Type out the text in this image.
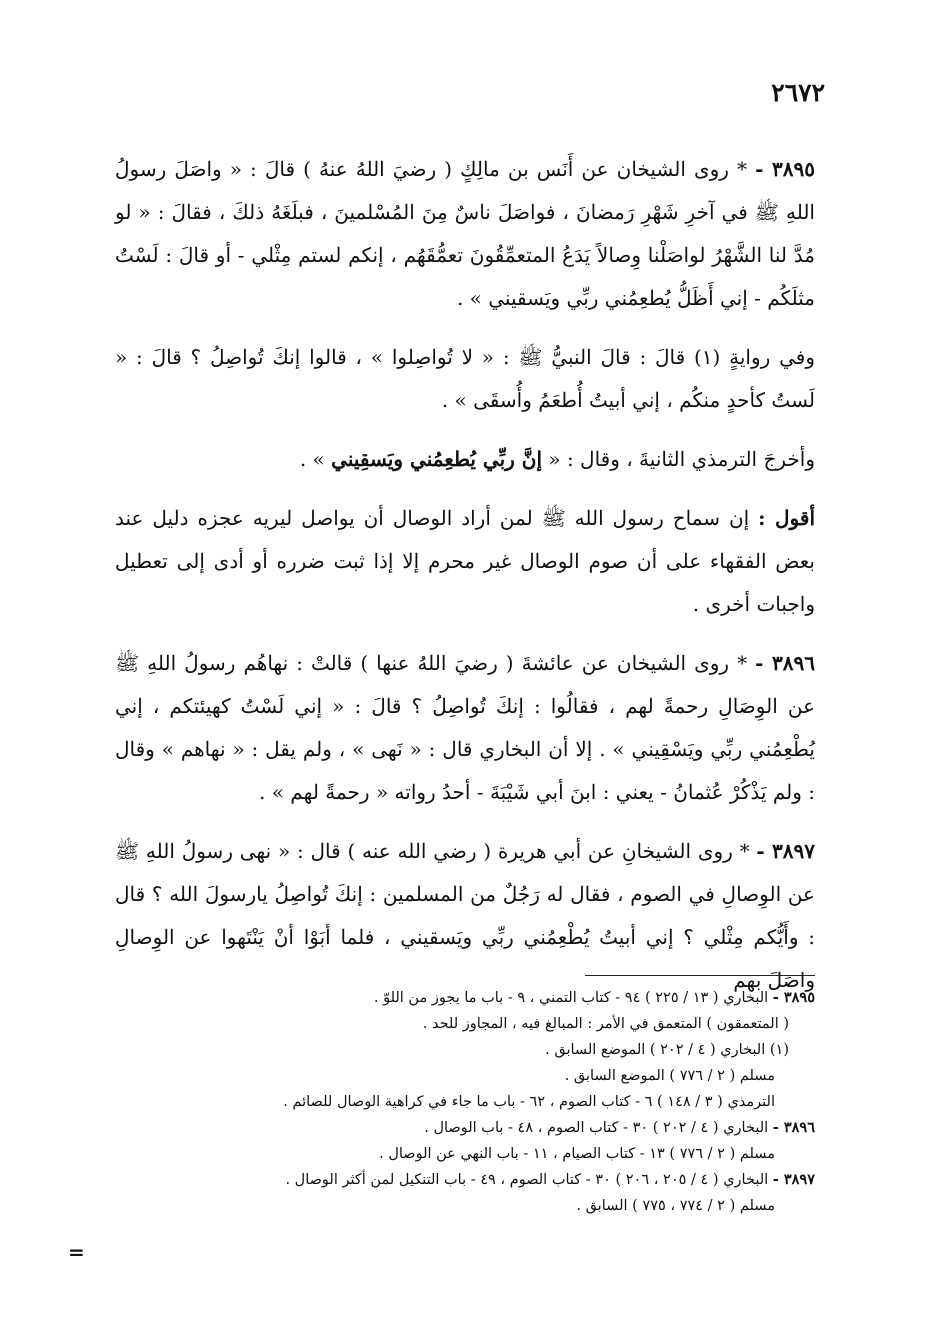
٢٦٧٢

٣٨٩٥ - * روى الشيخان عن أَنَس بن مالِكٍ ( رضيَ اللهُ عنهُ ) قالَ : « واصَلَ رسولُ اللهِ ﷺ في آخرِ شَهْرِ رَمضانَ ، فواصَلَ ناسٌ مِنَ المُسْلمينَ ، فبلَغَهُ ذلكَ ، فقالَ : « لو مُدَّ لنا الشَّهْرُ لواصَلْنا وِصالاً يَدَعُ المتعمِّقُونَ تعمُّقَهُم ، إنكم لستم مِثْلي - أو قالَ : لَسْتُ مثلَكُم - إني أَظَلُّ يُطعِمُني ربِّي ويَسقيني » .

وفي روايةٍ (١) قالَ : قالَ النبيُّ ﷺ : « لا تُواصِلوا » ، قالوا إنكَ تُواصِلُ ؟ قالَ : « لَستُ كأحدٍ منكُم ، إني أبيتُ أُطعَمُ وأُسقَى » .

وأخرجَ الترمذي الثانيةَ ، وقال : « إنَّ ربِّي يُطعِمُني ويَسقِيني » .

أقول : إن سماح رسول الله ﷺ لمن أراد الوصال أن يواصل ليريه عجزه دليل عند بعض الفقهاء على أن صوم الوصال غير محرم إلا إذا ثبت ضرره أو أدى إلى تعطيل واجبات أخرى .

٣٨٩٦ - * روى الشيخان عن عائشةَ ( رضيَ اللهُ عنها ) قالتْ : نهاهُم رسولُ اللهِ ﷺ عن الوِصَالِ رحمةً لهم ، فقالُوا : إنكَ تُواصِلُ ؟ قالَ : « إني لَسْتُ كهيئتكم ، إني يُطْعِمُني ربِّي ويَسْقِيني » . إلا أن البخاري قال : « نَهى » ، ولم يقل : « نهاهم » وقال : ولم يَذْكُرْ عُثمانُ - يعني : ابنَ أبي شَيْبَةَ - أحدُ رواته « رحمةً لهم » .

٣٨٩٧ - * روى الشيخانِ عن أبي هريرة ( رضي الله عنه ) قال : « نهى رسولُ اللهِ ﷺ عن الوِصالِ في الصوم ، فقال له رَجُلٌ من المسلمين : إنكَ تُواصِلُ يارسولَ الله ؟ قال : وأَيُّكم مِثْلي ؟ إني أبيتُ يُطْعِمُني ربِّي ويَسقيني ، فلما أبَوْا أنْ يَنْتَهوا عن الوِصالِ واصَلَ بهم

٣٨٩٥ - البخاري ( ١٣ / ٢٢٥ ) ٩٤ - كتاب التمني ، ٩ - باب ما يجوز من اللوّ .

( المتعمقون ) المتعمق في الأمر : المبالغ فيه ، المجاوز للحد .

(١) البخاري ( ٤ / ٢٠٢ ) الموضع السابق .

مسلم ( ٢ / ٧٧٦ ) الموضع السابق .

الترمذي ( ٣ / ١٤٨ ) ٦ - كتاب الصوم ، ٦٢ - باب ما جاء في كراهية الوصال للصائم .

٣٨٩٦ - البخاري ( ٤ / ٢٠٢ ) ٣٠ - كتاب الصوم ، ٤٨ - باب الوصال .

مسلم ( ٢ / ٧٧٦ ) ١٣ - كتاب الصيام ، ١١ - باب النهي عن الوصال .

٣٨٩٧ - البخاري ( ٤ / ٢٠٥ ، ٢٠٦ ) ٣٠ - كتاب الصوم ، ٤٩ - باب التنكيل لمن أكثر الوصال .

مسلم ( ٢ / ٧٧٤ ، ٧٧٥ ) السابق .

=
